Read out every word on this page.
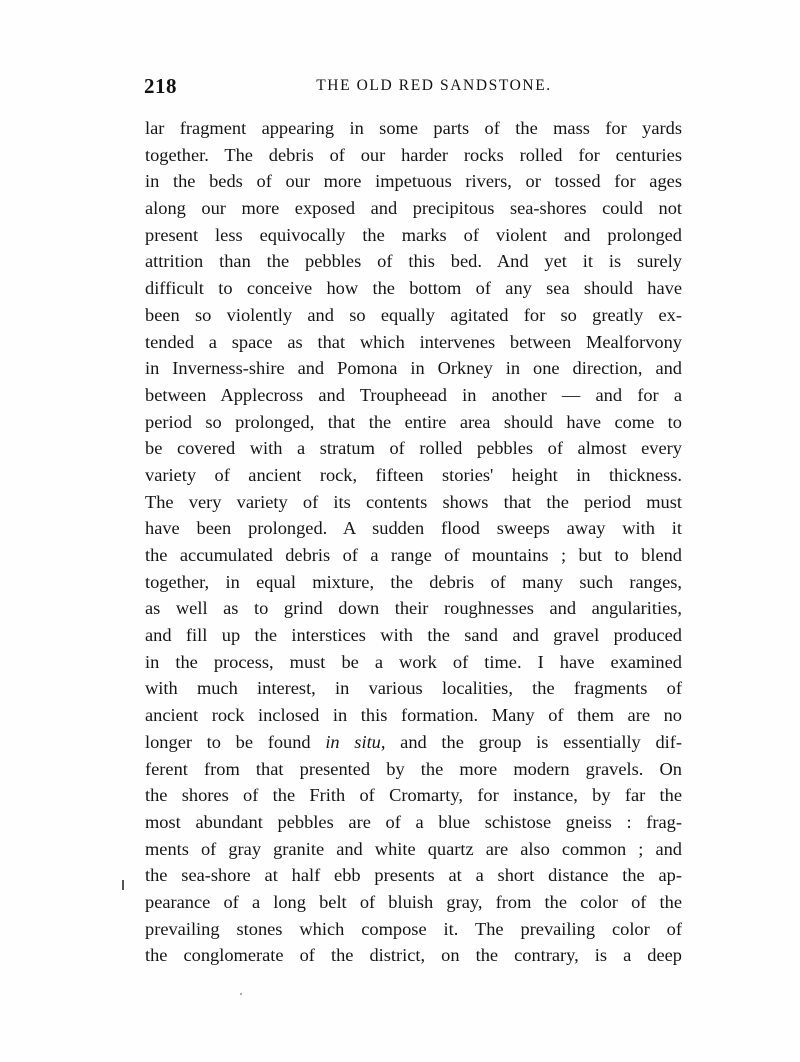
218	THE OLD RED SANDSTONE.
lar fragment appearing in some parts of the mass for yards
together. The debris of our harder rocks rolled for centuries
in the beds of our more impetuous rivers, or tossed for ages
along our more exposed and precipitous sea-shores could not
present less equivocally the marks of violent and prolonged
attrition than the pebbles of this bed. And yet it is surely
difficult to conceive how the bottom of any sea should have
been so violently and so equally agitated for so greatly ex-
tended a space as that which intervenes between Mealforvony
in Inverness-shire and Pomona in Orkney in one direction, and
between Applecross and Troupheead in another — and for a
period so prolonged, that the entire area should have come to
be covered with a stratum of rolled pebbles of almost every
variety of ancient rock, fifteen stories' height in thickness.
The very variety of its contents shows that the period must
have been prolonged. A sudden flood sweeps away with it
the accumulated debris of a range of mountains ; but to blend
together, in equal mixture, the debris of many such ranges,
as well as to grind down their roughnesses and angularities,
and fill up the interstices with the sand and gravel produced
in the process, must be a work of time. I have examined
with much interest, in various localities, the fragments of
ancient rock inclosed in this formation. Many of them are no
longer to be found in situ, and the group is essentially dif-
ferent from that presented by the more modern gravels. On
the shores of the Frith of Cromarty, for instance, by far the
most abundant pebbles are of a blue schistose gneiss : frag-
ments of gray granite and white quartz are also common ; and
the sea-shore at half ebb presents at a short distance the ap-
pearance of a long belt of bluish gray, from the color of the
prevailing stones which compose it. The prevailing color of
the conglomerate of the district, on the contrary, is a deep
